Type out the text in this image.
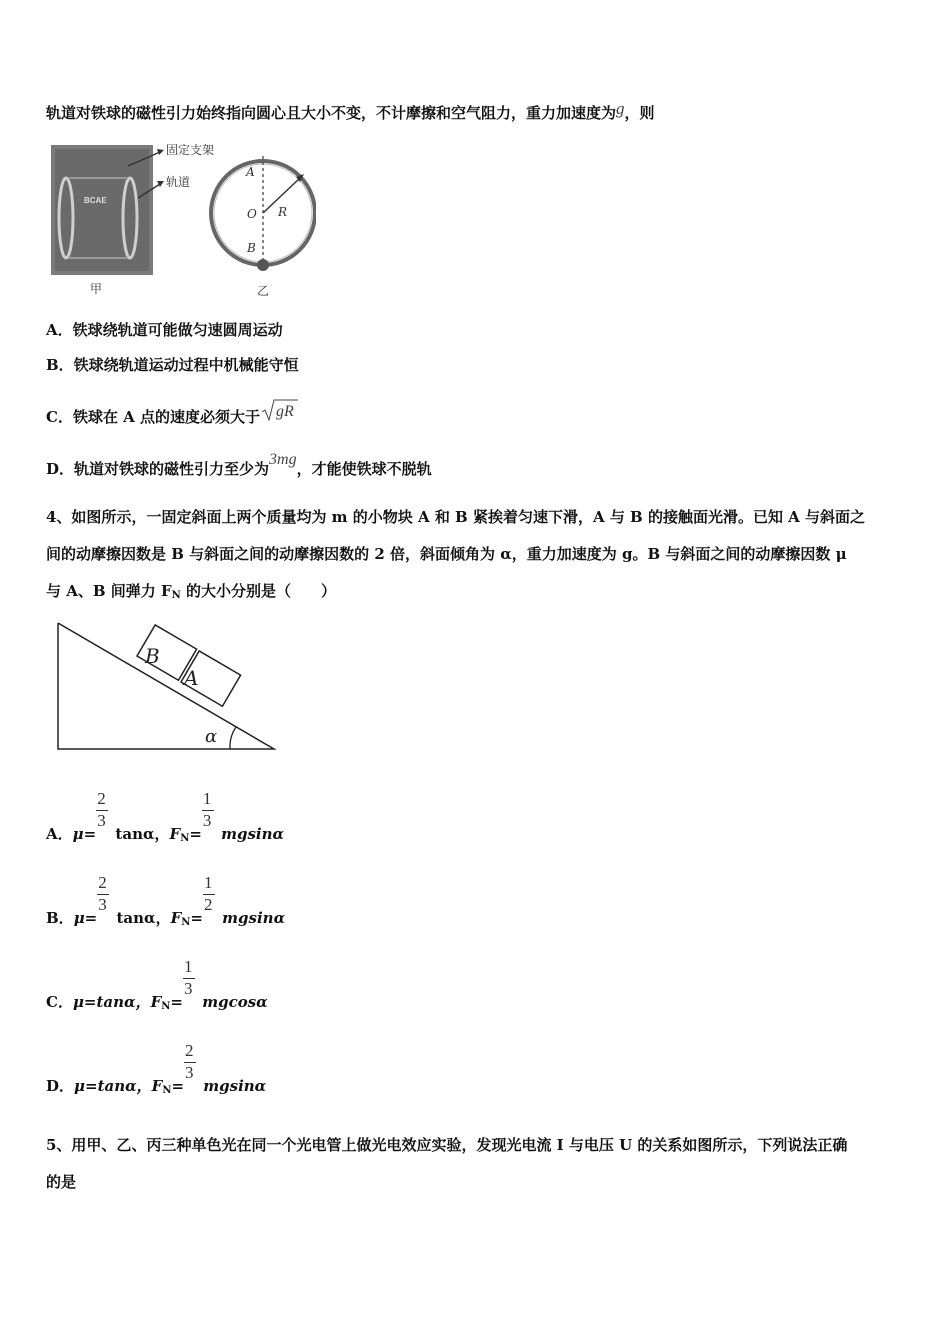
轨道对铁球的磁性引力始终指向圆心且大小不变，不计摩擦和空气阻力，重力加速度为g，则
BCAE
固定支架
轨道
A
O R
B
甲	乙
A．铁球绕轨道可能做匀速圆周运动
B．铁球绕轨道运动过程中机械能守恒
C．铁球在 A 点的速度必须大于 gR
D．轨道对铁球的磁性引力至少为3mg，才能使铁球不脱轨
4、如图所示，一固定斜面上两个质量均为 m 的小物块 A 和 B 紧挨着匀速下滑，A 与 B 的接触面光滑。已知 A 与斜面之
间的动摩擦因数是 B 与斜面之间的动摩擦因数的 2 倍，斜面倾角为 α，重力加速度为 g。B 与斜面之间的动摩擦因数 μ
与 A、B 间弹力 $F_N$ 的大小分别是（　　）
B
A
α
A．$\mu= \frac{2}{3}$ tanα，$F_N= \frac{1}{3}$ mgsinα
B．$\mu= \frac{2}{3}$ tanα，$F_N= \frac{1}{2}$ mgsinα
C．μ=tanα，$F_N= \frac{1}{3}$ mgcosα
D．μ=tanα，$F_N= \frac{2}{3}$ mgsinα
5、用甲、乙、丙三种单色光在同一个光电管上做光电效应实验，发现光电流 I 与电压 U 的关系如图所示，下列说法正确
的是
